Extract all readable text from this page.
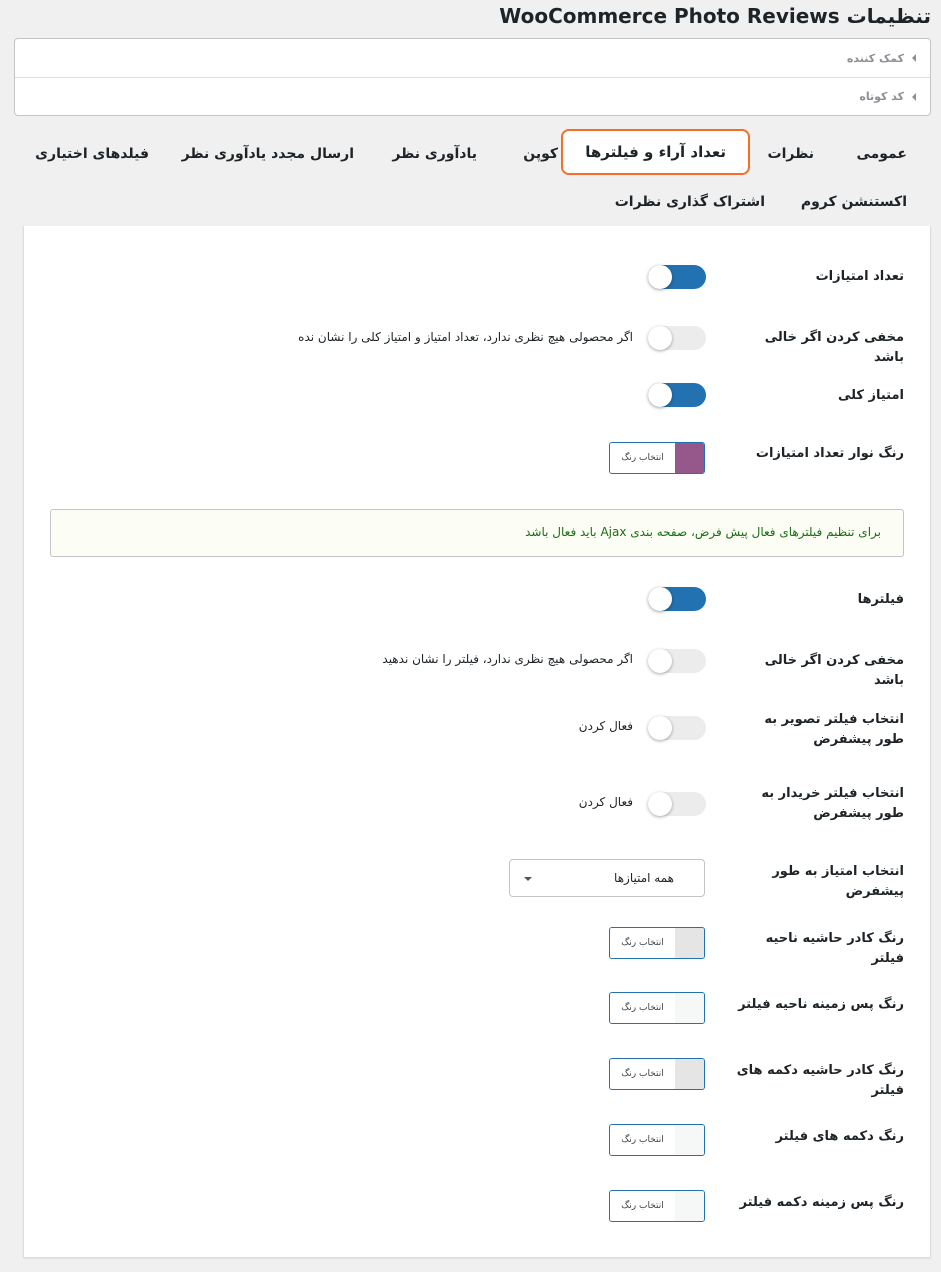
تنظیمات WooCommerce Photo Reviews
کمک کننده
کد کوتاه
عمومی
نظرات
تعداد آراء و فیلترها
کوپن
یادآوری نظر
ارسال مجدد یادآوری نظر
فیلدهای اختیاری
اکستنشن کروم
اشتراک گذاری نظرات
تعداد امتیازات
مخفی کردن اگر خالی باشد
اگر محصولی هیچ نظری ندارد، تعداد امتیاز و امتیاز کلی را نشان نده
امتیاز کلی
رنگ نوار تعداد امتیازات
انتخاب رنگ
برای تنظیم فیلترهای فعال پیش فرض، صفحه بندی Ajax باید فعال باشد
فیلترها
مخفی کردن اگر خالی باشد
اگر محصولی هیچ نظری ندارد، فیلتر را نشان ندهید
انتخاب فیلتر تصویر به طور پیشفرض
فعال کردن
انتخاب فیلتر خریدار به طور پیشفرض
فعال کردن
انتخاب امتیاز به طور پیشفرض
همه امتیازها
رنگ کادر حاشیه ناحیه فیلتر
انتخاب رنگ
رنگ پس زمینه ناحیه فیلتر
انتخاب رنگ
رنگ کادر حاشیه دکمه های فیلتر
انتخاب رنگ
رنگ دکمه های فیلتر
انتخاب رنگ
رنگ پس زمینه دکمه فیلتر
انتخاب رنگ
